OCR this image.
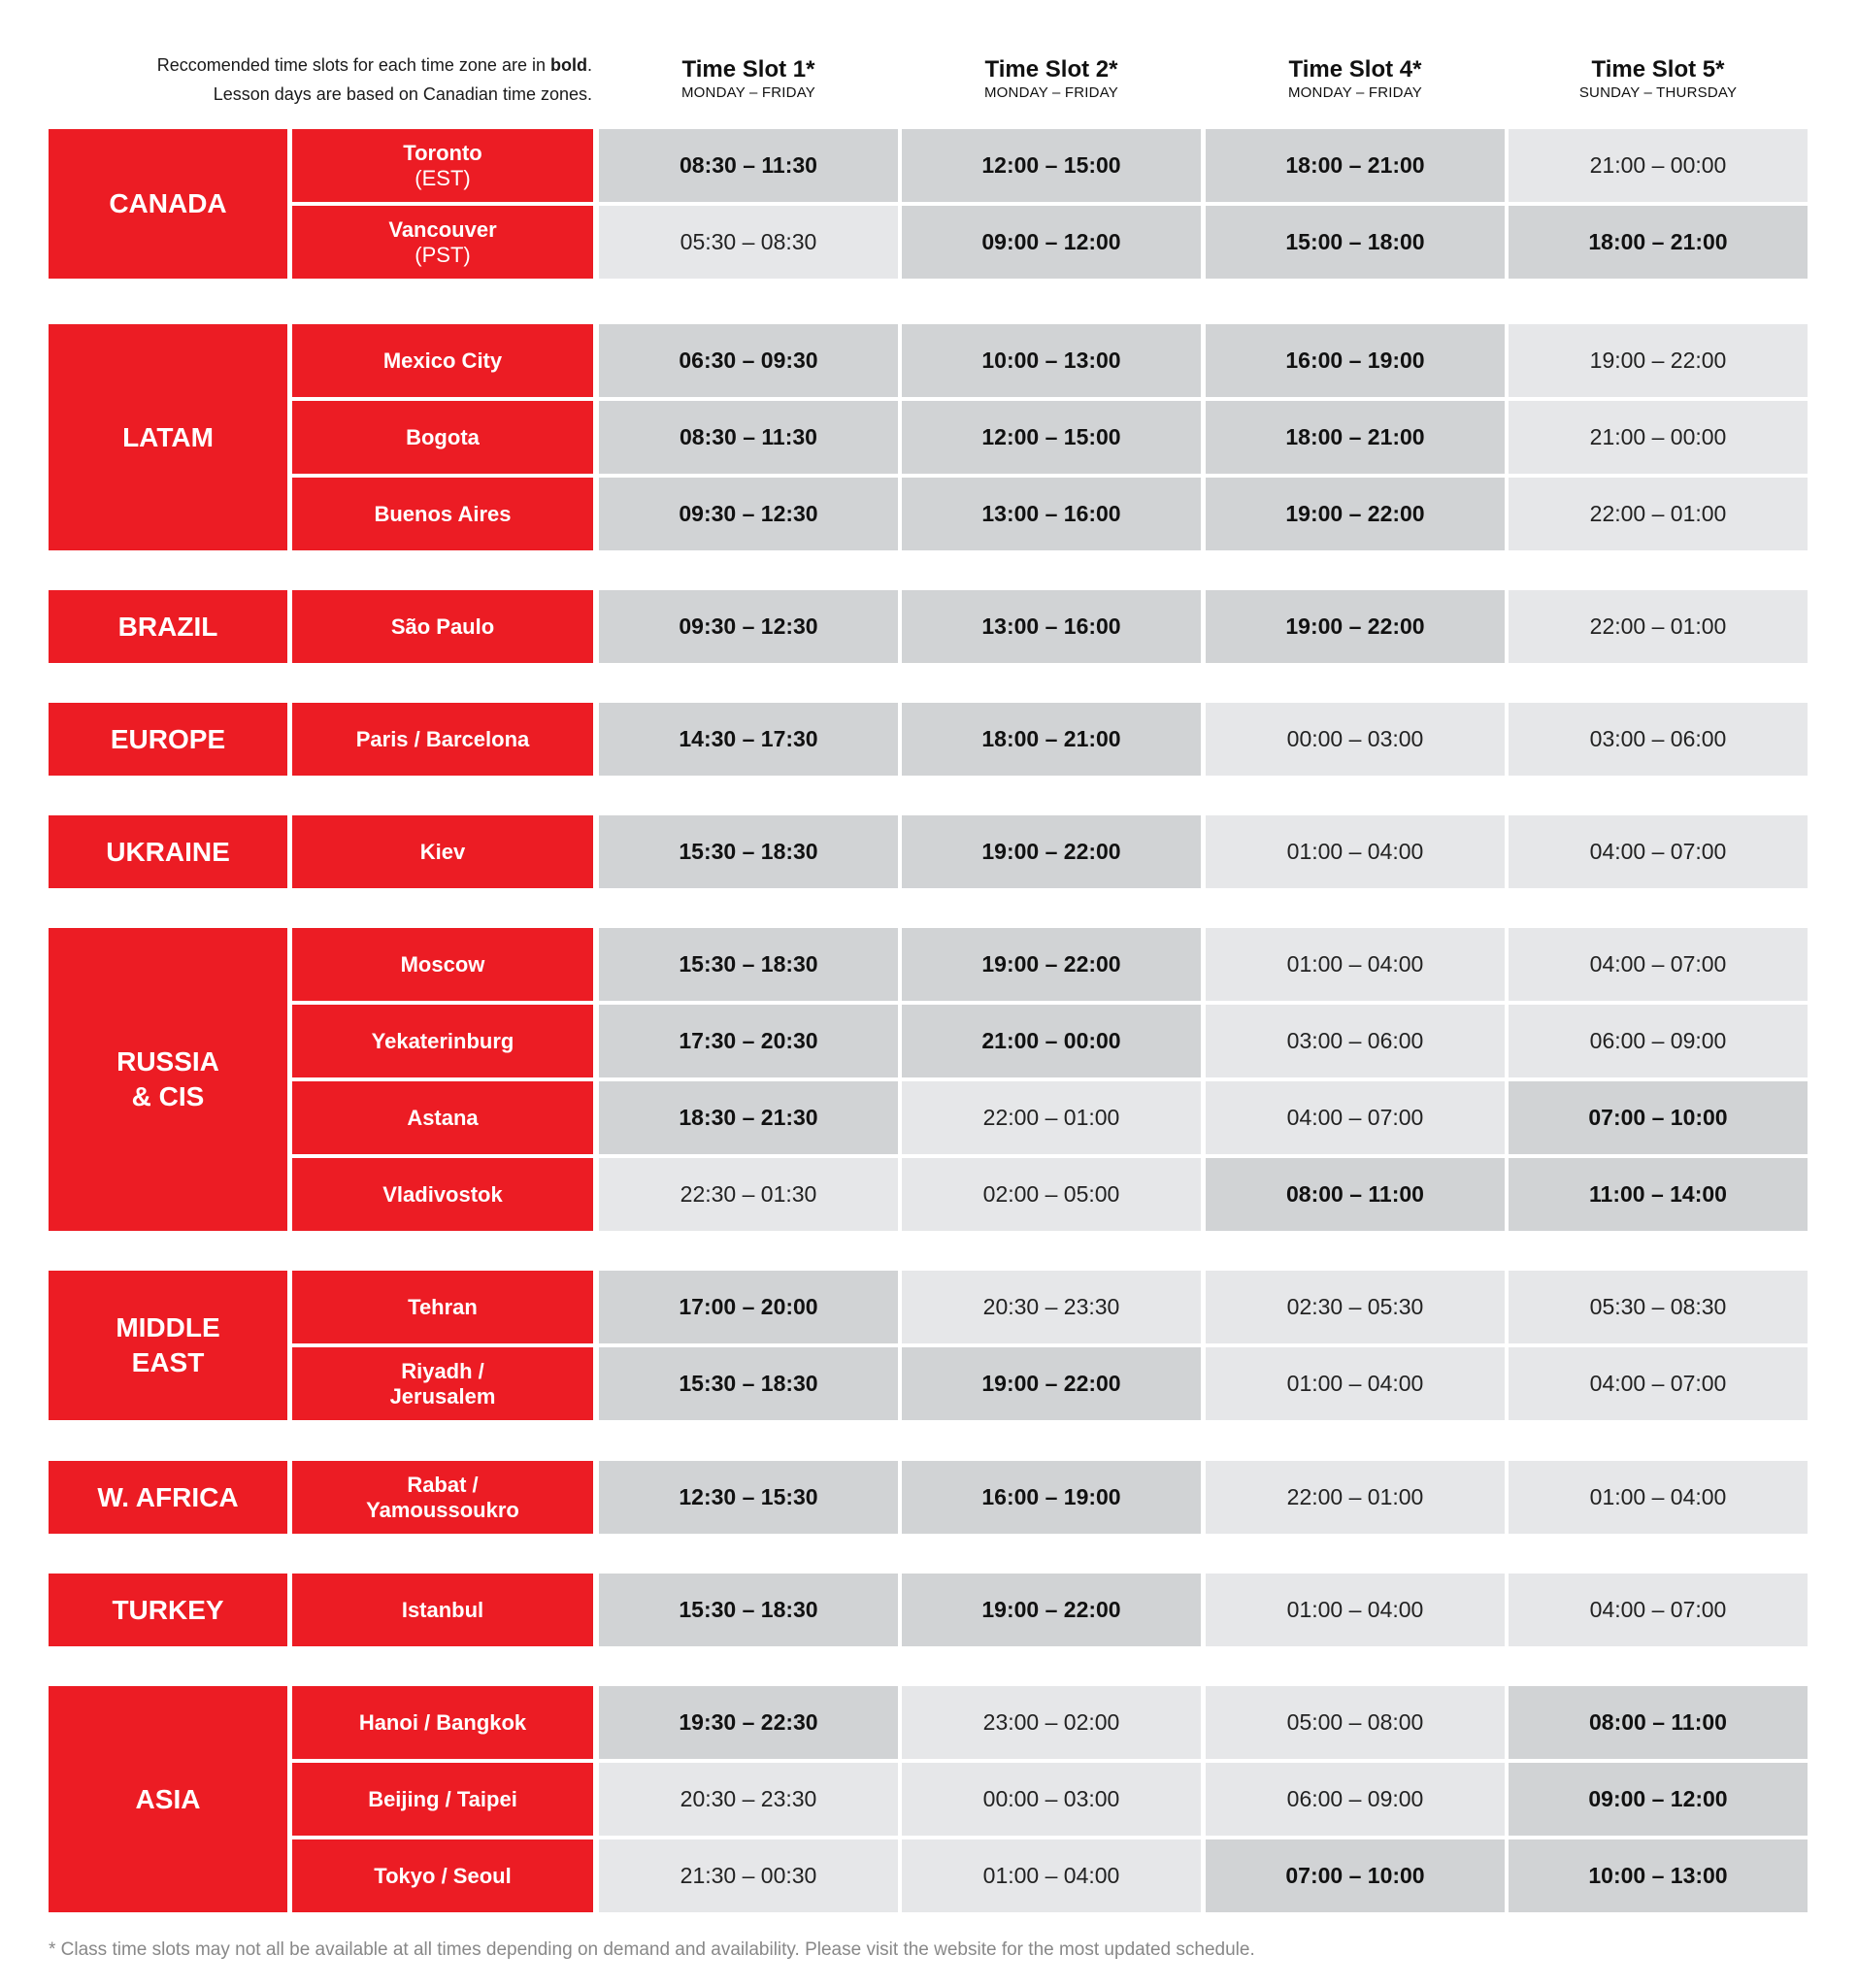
Reccomended time slots for each time zone are in bold.

Lesson days are based on Canadian time zones.

Time Slot 1*
MONDAY – FRIDAY
Time Slot 2*
MONDAY – FRIDAY
Time Slot 4*
MONDAY – FRIDAY
Time Slot 5*
SUNDAY – THURSDAY
CANADA
Toronto
(EST)	08:30 – 11:30	12:00 – 15:00	18:00 – 21:00	21:00 – 00:00
Vancouver
(PST)	05:30 – 08:30	09:00 – 12:00	15:00 – 18:00	18:00 – 21:00
LATAM
Mexico City	06:30 – 09:30	10:00 – 13:00	16:00 – 19:00	19:00 – 22:00
Bogota	08:30 – 11:30	12:00 – 15:00	18:00 – 21:00	21:00 – 00:00
Buenos Aires	09:30 – 12:30	13:00 – 16:00	19:00 – 22:00	22:00 – 01:00
BRAZIL	São Paulo	09:30 – 12:30	13:00 – 16:00	19:00 – 22:00	22:00 – 01:00
EUROPE	Paris / Barcelona	14:30 – 17:30	18:00 – 21:00	00:00 – 03:00	03:00 – 06:00
UKRAINE	Kiev	15:30 – 18:30	19:00 – 22:00	01:00 – 04:00	04:00 – 07:00
RUSSIA
& CIS
Moscow	15:30 – 18:30	19:00 – 22:00	01:00 – 04:00	04:00 – 07:00
Yekaterinburg	17:30 – 20:30	21:00 – 00:00	03:00 – 06:00	06:00 – 09:00
Astana	18:30 – 21:30	22:00 – 01:00	04:00 – 07:00	07:00 – 10:00
Vladivostok	22:30 – 01:30	02:00 – 05:00	08:00 – 11:00	11:00 – 14:00
MIDDLE
EAST
Tehran	17:00 – 20:00	20:30 – 23:30	02:30 – 05:30	05:30 – 08:30
Riyadh /
Jerusalem	15:30 – 18:30	19:00 – 22:00	01:00 – 04:00	04:00 – 07:00
W. AFRICA	Rabat /
Yamoussoukro	12:30 – 15:30	16:00 – 19:00	22:00 – 01:00	01:00 – 04:00
TURKEY	Istanbul	15:30 – 18:30	19:00 – 22:00	01:00 – 04:00	04:00 – 07:00
ASIA
Hanoi / Bangkok	19:30 – 22:30	23:00 – 02:00	05:00 – 08:00	08:00 – 11:00
Beijing / Taipei	20:30 – 23:30	00:00 – 03:00	06:00 – 09:00	09:00 – 12:00
Tokyo / Seoul	21:30 – 00:30	01:00 – 04:00	07:00 – 10:00	10:00 – 13:00
* Class time slots may not all be available at all times depending on demand and availability. Please visit the website for the most updated schedule.
